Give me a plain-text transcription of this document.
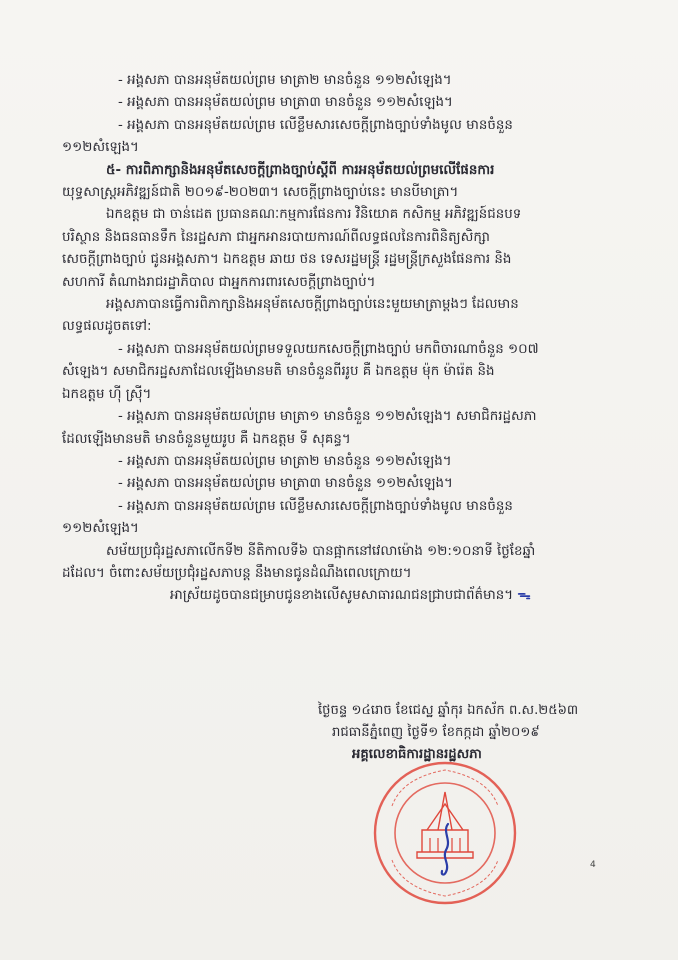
- អង្គសភា បានអនុម័តយល់ព្រម មាត្រា២ មានចំនួន ១១២សំឡេង។
- អង្គសភា បានអនុម័តយល់ព្រម មាត្រា៣ មានចំនួន ១១២សំឡេង។
- អង្គសភា បានអនុម័តយល់ព្រម លើខ្លឹមសារសេចក្តីព្រាងច្បាប់ទាំងមូល មានចំនួន
១១២សំឡេង។
៥- ការពិភាក្សានិងអនុម័តសេចក្តីព្រាងច្បាប់ស្តីពី ការអនុម័តយល់ព្រមលើផែនការ
យុទ្ធសាស្ត្រអភិវឌ្ឍន៍ជាតិ ២០១៩-២០២៣។ សេចក្តីព្រាងច្បាប់នេះ មានបីមាត្រា។
ឯកឧត្តម ជា ចាន់ដេត ប្រធានគណៈកម្មការផែនការ វិនិយោគ កសិកម្ម អភិវឌ្ឍន៍ជនបទ
បរិស្ថាន និងធនធានទឹក នៃរដ្ឋសភា ជាអ្នកអានរបាយការណ៍ពីលទ្ធផលនៃការពិនិត្យសិក្សា
សេចក្តីព្រាងច្បាប់ ជូនអង្គសភា។ ឯកឧត្តម ឆាយ ថន ទេសរដ្ឋមន្ត្រី រដ្ឋមន្ត្រីក្រសួងផែនការ និង
សហការី តំណាងរាជរដ្ឋាភិបាល ជាអ្នកការពារសេចក្តីព្រាងច្បាប់។
អង្គសភាបានធ្វើការពិភាក្សានិងអនុម័តសេចក្តីព្រាងច្បាប់នេះមួយមាត្រាម្តងៗ ដែលមាន
លទ្ធផលដូចតទៅ:
- អង្គសភា បានអនុម័តយល់ព្រមទទួលយកសេចក្តីព្រាងច្បាប់ មកពិចារណាចំនួន ១០៧
សំឡេង។ សមាជិករដ្ឋសភាដែលឡើងមានមតិ មានចំនួនពីររូប គឺ ឯកឧត្តម ម៉ុក ម៉ារ៉េត និង
ឯកឧត្តម ហ៊ី ស្រ៊ី។
- អង្គសភា បានអនុម័តយល់ព្រម មាត្រា១ មានចំនួន ១១២សំឡេង។ សមាជិករដ្ឋសភា
ដែលឡើងមានមតិ មានចំនួនមួយរូប គឺ ឯកឧត្តម ទី សុគន្ធ។
- អង្គសភា បានអនុម័តយល់ព្រម មាត្រា២ មានចំនួន ១១២សំឡេង។
- អង្គសភា បានអនុម័តយល់ព្រម មាត្រា៣ មានចំនួន ១១២សំឡេង។
- អង្គសភា បានអនុម័តយល់ព្រម លើខ្លឹមសារសេចក្តីព្រាងច្បាប់ទាំងមូល មានចំនួន
១១២សំឡេង។
សម័យប្រជុំរដ្ឋសភាលើកទី២ នីតិកាលទី៦ បានផ្អាកនៅវេលាម៉ោង ១២:១០នាទី ថ្ងៃខែឆ្នាំ
ដដែល។ ចំពោះសម័យប្រជុំរដ្ឋសភាបន្ត នឹងមានជូនដំណឹងពេលក្រោយ។
អាស្រ័យដូចបានជម្រាបជូនខាងលើសូមសាធារណជនជ្រាបជាព័ត៌មាន។ ᯓ
ថ្ងៃចន្ទ ១៤រោច ខែជេស្ឋ ឆ្នាំកុរ ឯកស័ក ព.ស.២៥៦៣
រាជធានីភ្នំពេញ ថ្ងៃទី១ ខែកក្កដា ឆ្នាំ២០១៩
អគ្គលេខាធិការដ្ឋានរដ្ឋសភា
4
